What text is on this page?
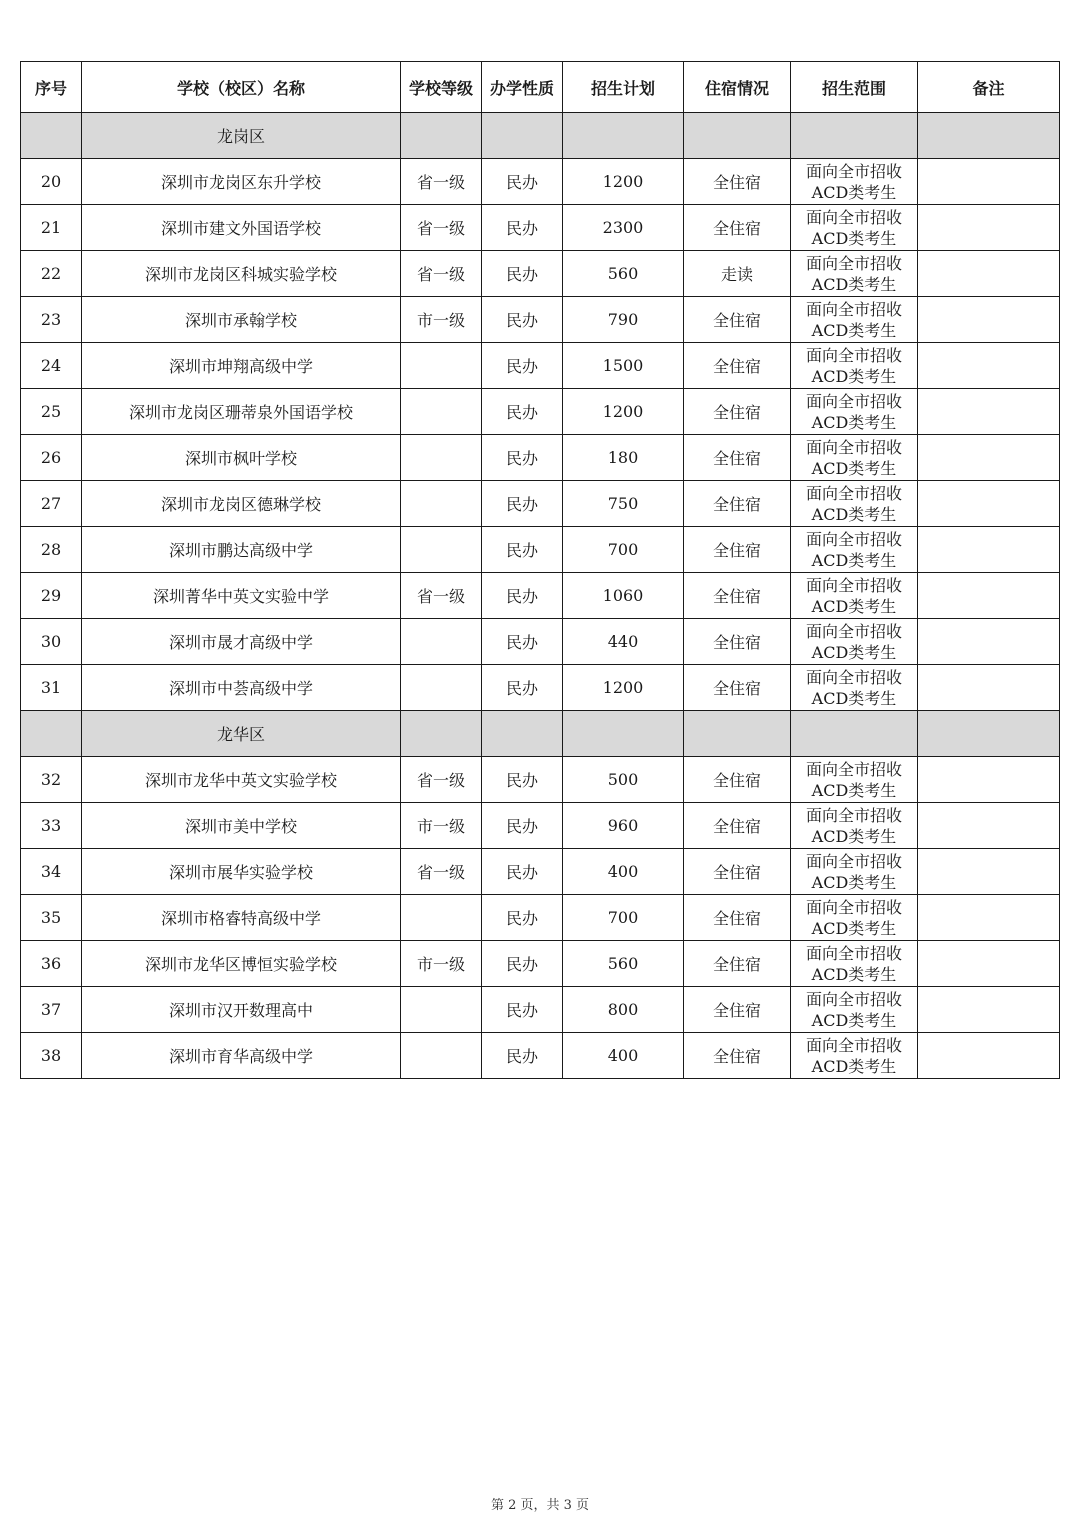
序号	学校（校区）名称	学校等级	办学性质	招生计划	住宿情况	招生范围	备注
	龙岗区						
20	深圳市龙岗区东升学校	省一级	民办	1200	全住宿	面向全市招收
ACD类考生	

21	深圳市建文外国语学校	省一级	民办	2300	全住宿	面向全市招收
ACD类考生	

22	深圳市龙岗区科城实验学校	省一级	民办	560	走读	面向全市招收
ACD类考生	

23	深圳市承翰学校	市一级	民办	790	全住宿	面向全市招收
ACD类考生	

24	深圳市坤翔高级中学		民办	1500	全住宿	面向全市招收
ACD类考生	

25	深圳市龙岗区珊蒂泉外国语学校		民办	1200	全住宿	面向全市招收
ACD类考生	

26	深圳市枫叶学校		民办	180	全住宿	面向全市招收
ACD类考生	

27	深圳市龙岗区德琳学校		民办	750	全住宿	面向全市招收
ACD类考生	

28	深圳市鹏达高级中学		民办	700	全住宿	面向全市招收
ACD类考生	

29	深圳菁华中英文实验中学	省一级	民办	1060	全住宿	面向全市招收
ACD类考生	

30	深圳市晟才高级中学		民办	440	全住宿	面向全市招收
ACD类考生	

31	深圳市中荟高级中学		民办	1200	全住宿	面向全市招收
ACD类考生	

	龙华区						
32	深圳市龙华中英文实验学校	省一级	民办	500	全住宿	面向全市招收
ACD类考生	

33	深圳市美中学校	市一级	民办	960	全住宿	面向全市招收
ACD类考生	

34	深圳市展华实验学校	省一级	民办	400	全住宿	面向全市招收
ACD类考生	

35	深圳市格睿特高级中学		民办	700	全住宿	面向全市招收
ACD类考生	

36	深圳市龙华区博恒实验学校	市一级	民办	560	全住宿	面向全市招收
ACD类考生	

37	深圳市汉开数理高中		民办	800	全住宿	面向全市招收
ACD类考生	

38	深圳市育华高级中学		民办	400	全住宿	面向全市招收
ACD类考生	

第 2 页，共 3 页
